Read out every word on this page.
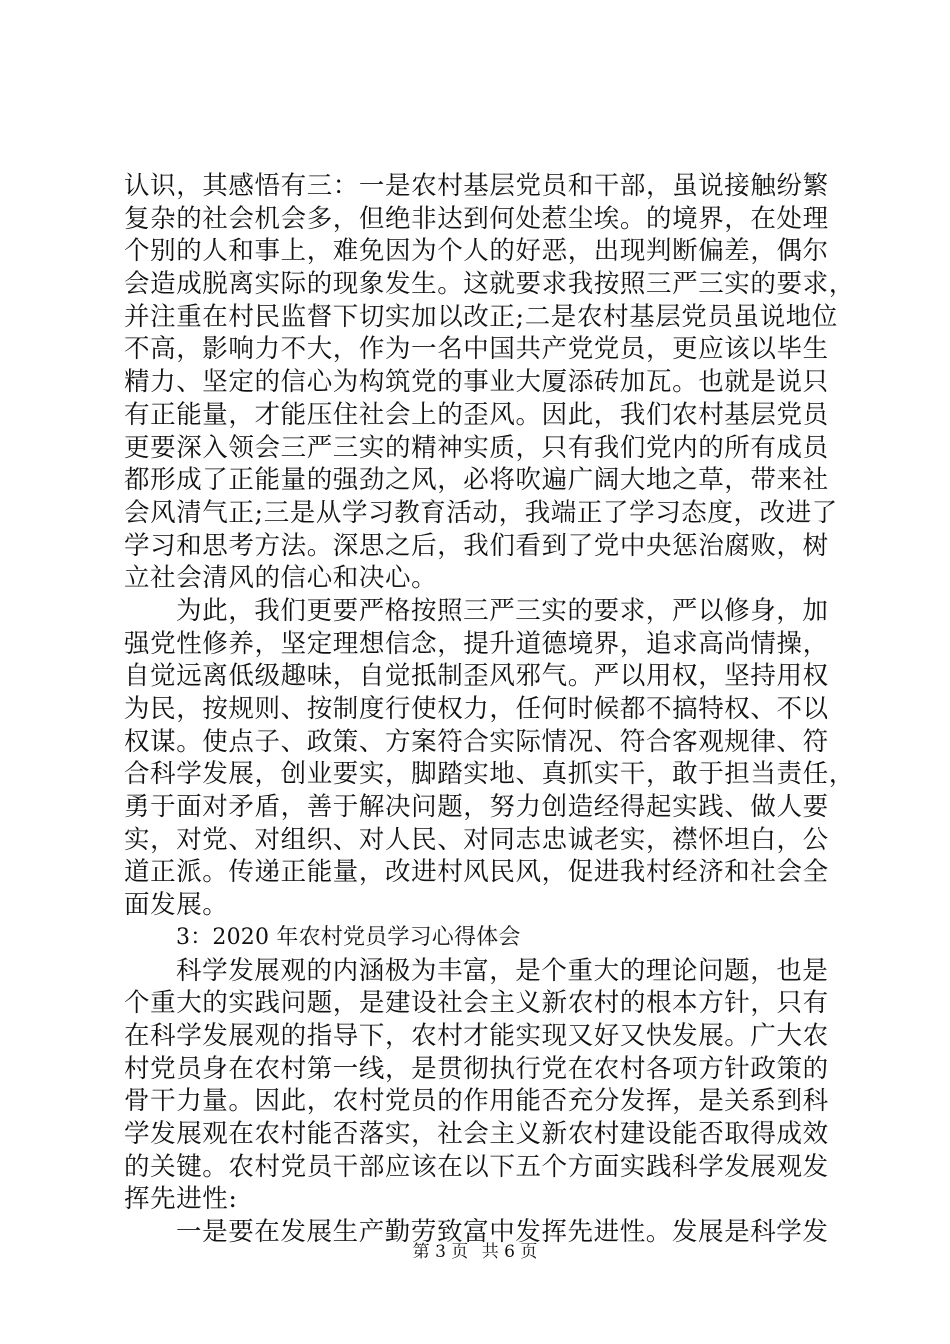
认识，其感悟有三：一是农村基层党员和干部，虽说接触纷繁
复杂的社会机会多，但绝非达到何处惹尘埃。的境界，在处理
个别的人和事上，难免因为个人的好恶，出现判断偏差，偶尔
会造成脱离实际的现象发生。这就要求我按照三严三实的要求，
并注重在村民监督下切实加以改正;二是农村基层党员虽说地位
不高，影响力不大，作为一名中国共产党党员，更应该以毕生
精力、坚定的信心为构筑党的事业大厦添砖加瓦。也就是说只
有正能量，才能压住社会上的歪风。因此，我们农村基层党员
更要深入领会三严三实的精神实质，只有我们党内的所有成员
都形成了正能量的强劲之风，必将吹遍广阔大地之草，带来社
会风清气正;三是从学习教育活动，我端正了学习态度，改进了
学习和思考方法。深思之后，我们看到了党中央惩治腐败，树
立社会清风的信心和决心。
为此，我们更要严格按照三严三实的要求，严以修身，加
强党性修养，坚定理想信念，提升道德境界，追求高尚情操，
自觉远离低级趣味，自觉抵制歪风邪气。严以用权，坚持用权
为民，按规则、按制度行使权力，任何时候都不搞特权、不以
权谋。使点子、政策、方案符合实际情况、符合客观规律、符
合科学发展，创业要实，脚踏实地、真抓实干，敢于担当责任，
勇于面对矛盾，善于解决问题，努力创造经得起实践、做人要
实，对党、对组织、对人民、对同志忠诚老实，襟怀坦白，公
道正派。传递正能量，改进村风民风，促进我村经济和社会全
面发展。
3：2020 年农村党员学习心得体会
科学发展观的内涵极为丰富，是个重大的理论问题，也是
个重大的实践问题，是建设社会主义新农村的根本方针，只有
在科学发展观的指导下，农村才能实现又好又快发展。广大农
村党员身在农村第一线，是贯彻执行党在农村各项方针政策的
骨干力量。因此，农村党员的作用能否充分发挥，是关系到科
学发展观在农村能否落实，社会主义新农村建设能否取得成效
的关键。农村党员干部应该在以下五个方面实践科学发展观发
挥先进性:
一是要在发展生产勤劳致富中发挥先进性。发展是科学发
第 3 页 共 6 页
